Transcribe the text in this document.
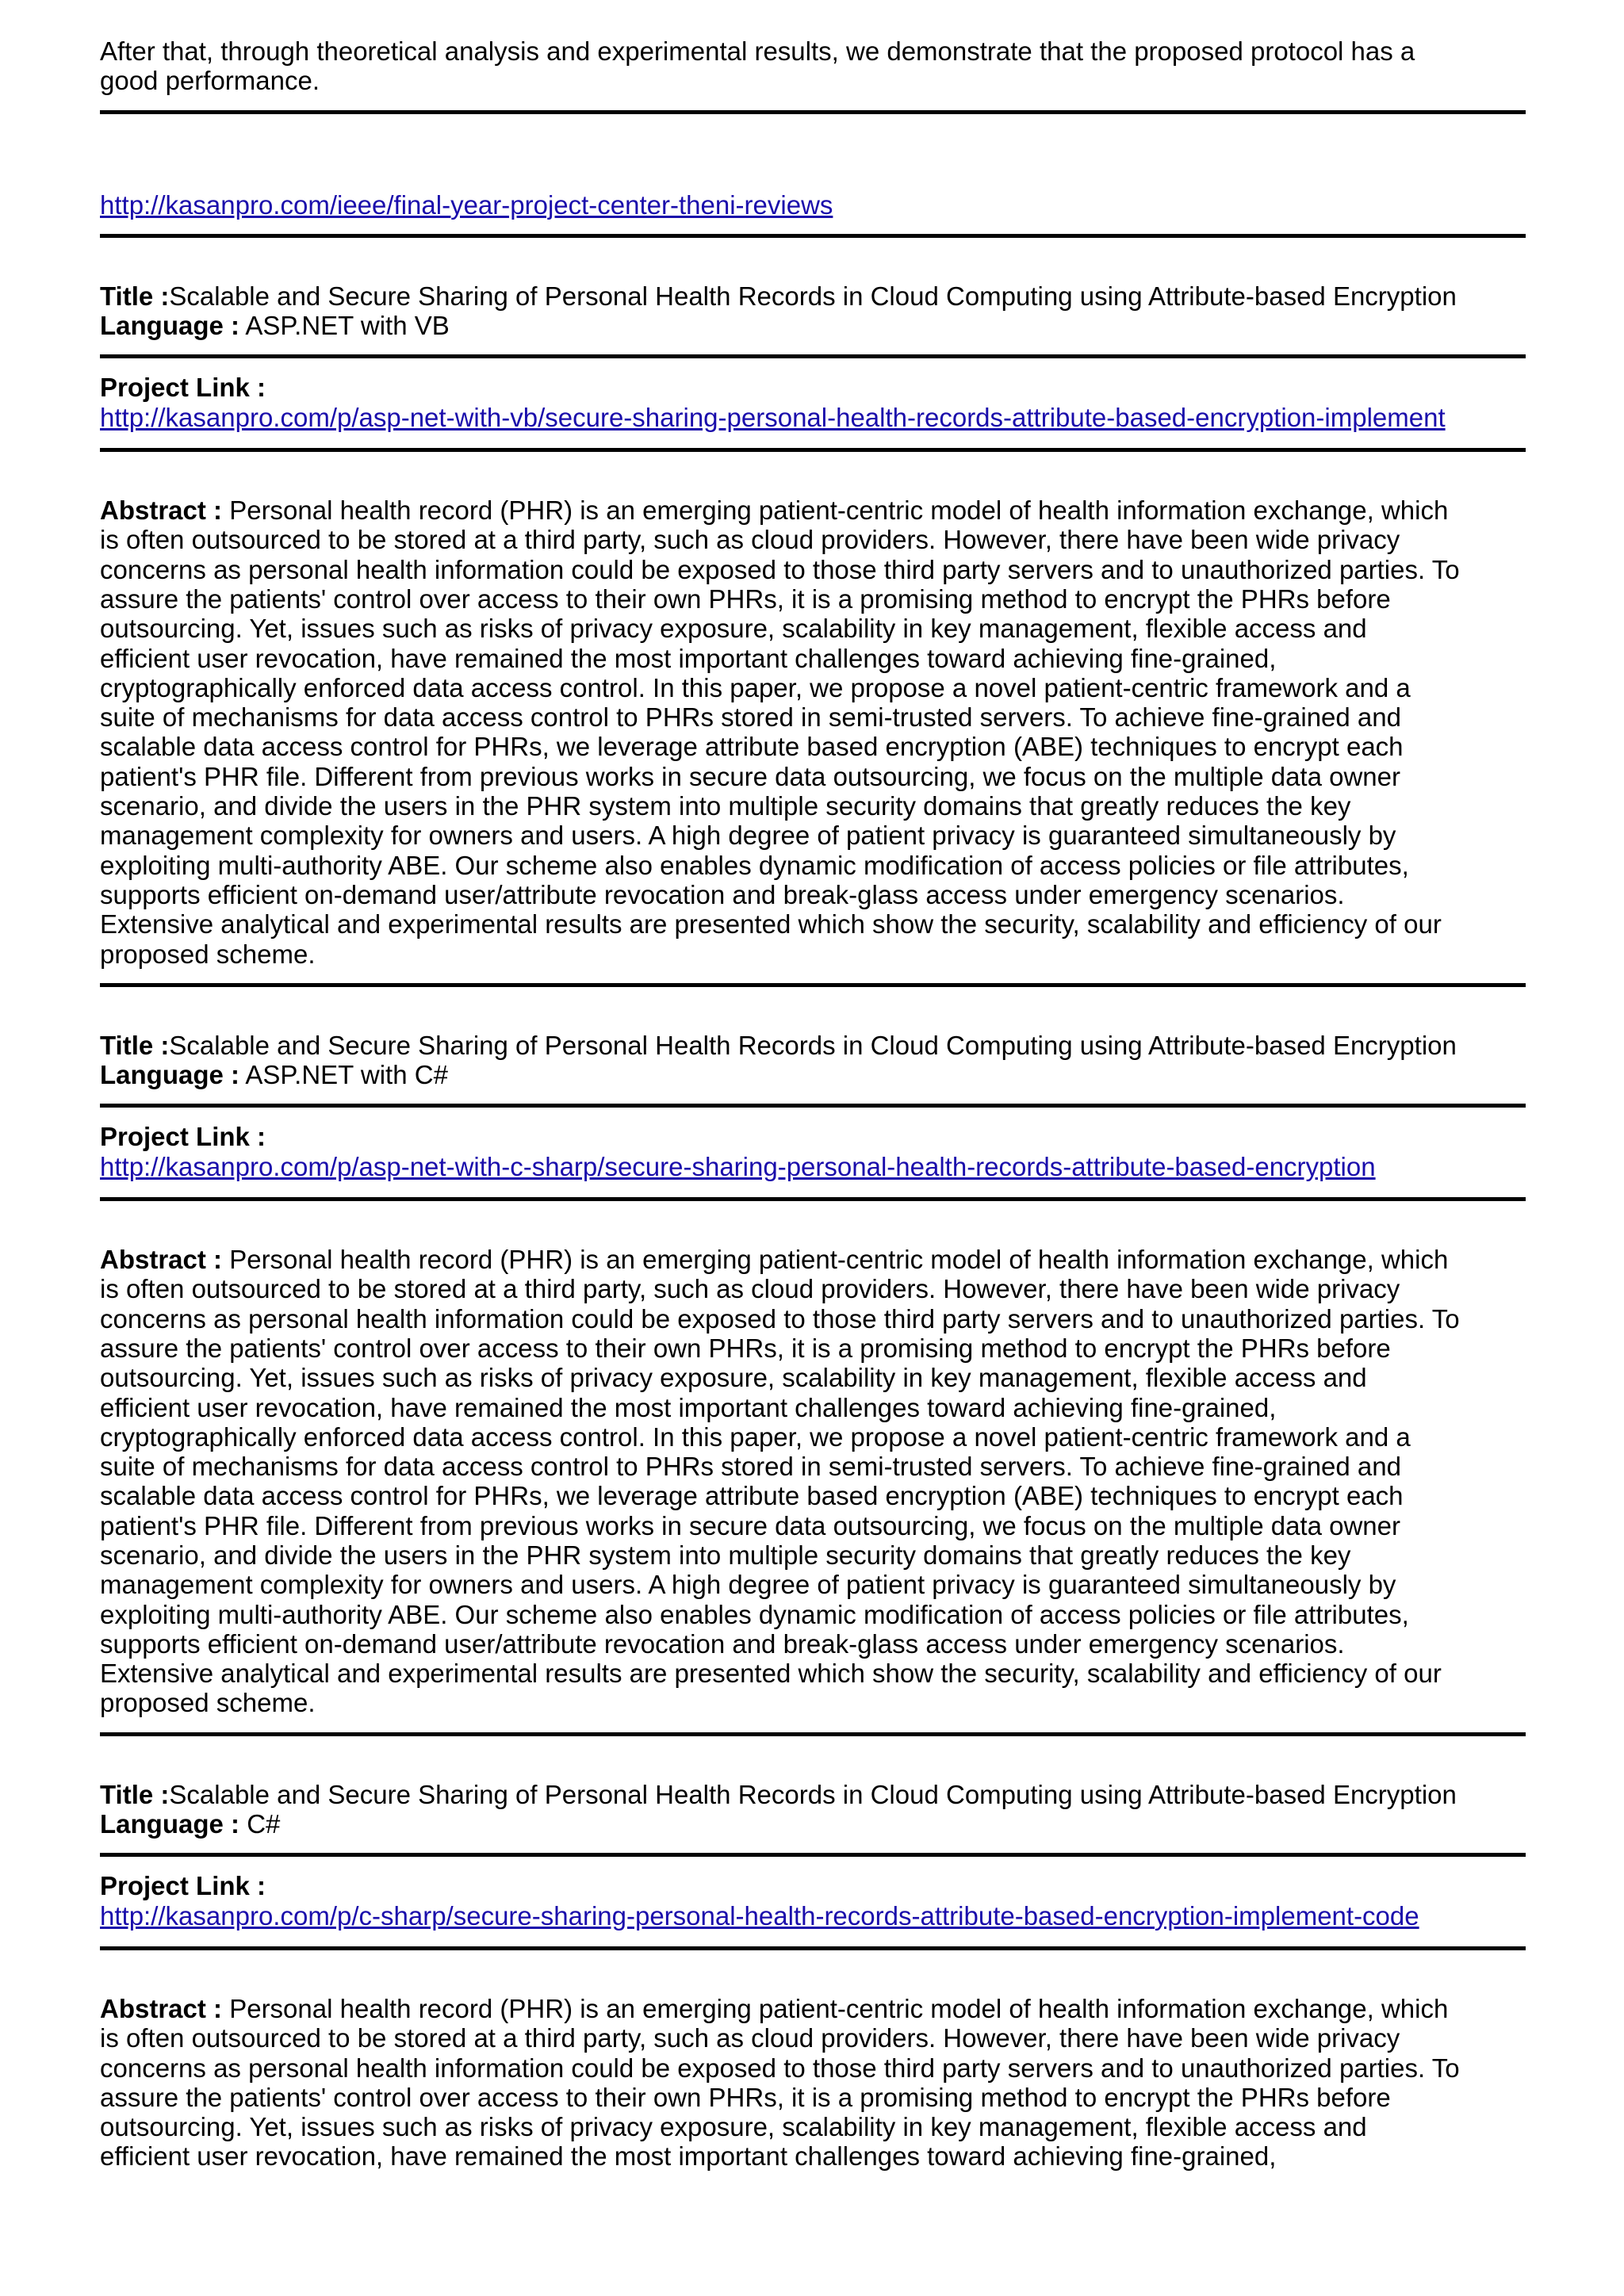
After that, through theoretical analysis and experimental results, we demonstrate that the proposed protocol has a
good performance.

http://kasanpro.com/ieee/final-year-project-center-theni-reviews
Title :Scalable and Secure Sharing of Personal Health Records in Cloud Computing using Attribute-based Encryption
Language : ASP.NET with VB
Project Link :
http://kasanpro.com/p/asp-net-with-vb/secure-sharing-personal-health-records-attribute-based-encryption-implement

Abstract : Personal health record (PHR) is an emerging patient-centric model of health information exchange, which
is often outsourced to be stored at a third party, such as cloud providers. However, there have been wide privacy
concerns as personal health information could be exposed to those third party servers and to unauthorized parties. To
assure the patients' control over access to their own PHRs, it is a promising method to encrypt the PHRs before
outsourcing. Yet, issues such as risks of privacy exposure, scalability in key management, flexible access and
efficient user revocation, have remained the most important challenges toward achieving fine-grained,
cryptographically enforced data access control. In this paper, we propose a novel patient-centric framework and a
suite of mechanisms for data access control to PHRs stored in semi-trusted servers. To achieve fine-grained and
scalable data access control for PHRs, we leverage attribute based encryption (ABE) techniques to encrypt each
patient's PHR file. Different from previous works in secure data outsourcing, we focus on the multiple data owner
scenario, and divide the users in the PHR system into multiple security domains that greatly reduces the key
management complexity for owners and users. A high degree of patient privacy is guaranteed simultaneously by
exploiting multi-authority ABE. Our scheme also enables dynamic modification of access policies or file attributes,
supports efficient on-demand user/attribute revocation and break-glass access under emergency scenarios.
Extensive analytical and experimental results are presented which show the security, scalability and efficiency of our
proposed scheme.

Title :Scalable and Secure Sharing of Personal Health Records in Cloud Computing using Attribute-based Encryption
Language : ASP.NET with C#
Project Link :
http://kasanpro.com/p/asp-net-with-c-sharp/secure-sharing-personal-health-records-attribute-based-encryption

Abstract : Personal health record (PHR) is an emerging patient-centric model of health information exchange, which
is often outsourced to be stored at a third party, such as cloud providers. However, there have been wide privacy
concerns as personal health information could be exposed to those third party servers and to unauthorized parties. To
assure the patients' control over access to their own PHRs, it is a promising method to encrypt the PHRs before
outsourcing. Yet, issues such as risks of privacy exposure, scalability in key management, flexible access and
efficient user revocation, have remained the most important challenges toward achieving fine-grained,
cryptographically enforced data access control. In this paper, we propose a novel patient-centric framework and a
suite of mechanisms for data access control to PHRs stored in semi-trusted servers. To achieve fine-grained and
scalable data access control for PHRs, we leverage attribute based encryption (ABE) techniques to encrypt each
patient's PHR file. Different from previous works in secure data outsourcing, we focus on the multiple data owner
scenario, and divide the users in the PHR system into multiple security domains that greatly reduces the key
management complexity for owners and users. A high degree of patient privacy is guaranteed simultaneously by
exploiting multi-authority ABE. Our scheme also enables dynamic modification of access policies or file attributes,
supports efficient on-demand user/attribute revocation and break-glass access under emergency scenarios.
Extensive analytical and experimental results are presented which show the security, scalability and efficiency of our
proposed scheme.

Title :Scalable and Secure Sharing of Personal Health Records in Cloud Computing using Attribute-based Encryption
Language : C#
Project Link :
http://kasanpro.com/p/c-sharp/secure-sharing-personal-health-records-attribute-based-encryption-implement-code

Abstract : Personal health record (PHR) is an emerging patient-centric model of health information exchange, which
is often outsourced to be stored at a third party, such as cloud providers. However, there have been wide privacy
concerns as personal health information could be exposed to those third party servers and to unauthorized parties. To
assure the patients' control over access to their own PHRs, it is a promising method to encrypt the PHRs before
outsourcing. Yet, issues such as risks of privacy exposure, scalability in key management, flexible access and
efficient user revocation, have remained the most important challenges toward achieving fine-grained,
